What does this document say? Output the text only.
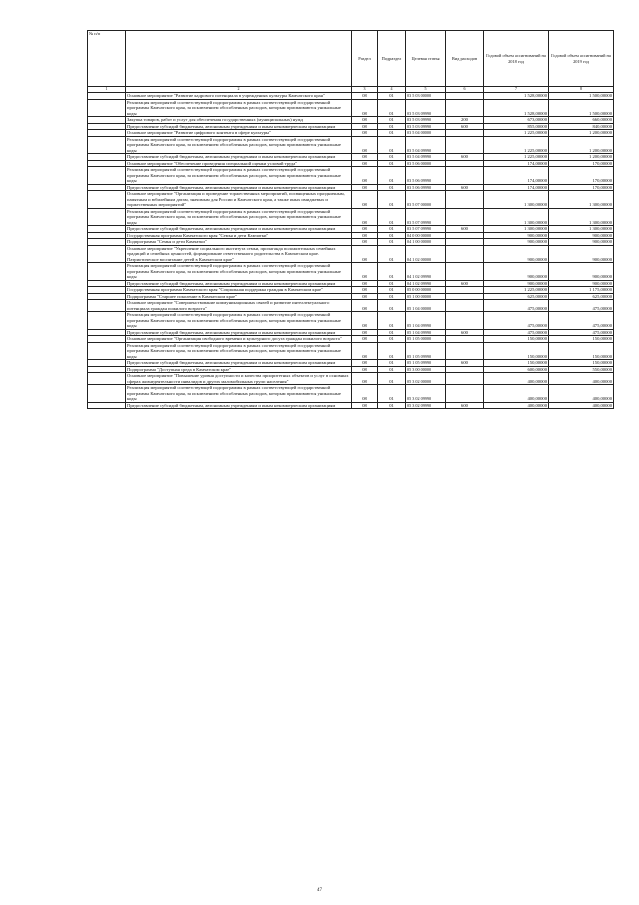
№ п/п		Раздел	Подраздел	Целевая статья	Вид расходов	Годовой объем ассигнований на 2018 год	Годовой объем ассигнований на 2019 год
1	2	3	4	5	6	7	8
	Основное мероприятие "Развитие кадрового потенциала в учреждениях культуры Камчатского края"	08	01	03 5 03 00000		1 528,00000	1 500,00000
	Реализация мероприятий соответствующей подпрограммы в рамках соответствующей государственной программы Камчатского края, за исключением обособленных расходов, которым присваиваются уникальные коды	08	01	03 5 03 09990		1 528,00000	1 500,00000
	Закупка товаров, работ и услуг для обеспечения государственных (муниципальных) нужд	08	01	03 5 03 09990	200	673,00000	660,00000
	Предоставление субсидий бюджетным, автономным учреждениям и иным некоммерческим организациям	08	01	03 5 03 09990	600	855,00000	840,00000
	Основное мероприятие "Развитие цифрового контента в сфере культуры"	08	01	03 5 04 00000		1 225,00000	1 200,00000
	Реализация мероприятий соответствующей подпрограммы в рамках соответствующей государственной программы Камчатского края, за исключением обособленных расходов, которым присваиваются уникальные коды	08	01	03 5 04 09990		1 225,00000	1 200,00000
	Предоставление субсидий бюджетным, автономным учреждениям и иным некоммерческим организациям	08	01	03 5 04 09990	600	1 225,00000	1 200,00000
	Основное мероприятие "Обеспечение проведения специальной оценки условий труда"	08	01	03 5 06 00000		174,00000	170,00000
	Реализация мероприятий соответствующей подпрограммы в рамках соответствующей государственной программы Камчатского края, за исключением обособленных расходов, которым присваиваются уникальные коды	08	01	03 5 06 09990		174,00000	170,00000
	Предоставление субсидий бюджетным, автономным учреждениям и иным некоммерческим организациям	08	01	03 5 06 09990	600	174,00000	170,00000
	Основное мероприятие "Организация и проведение торжественных мероприятий, посвященных праздничным, памятным и юбилейным датам, значимым для России и Камчатского края, а также иных имиджевых и торжественных мероприятий"	08	01	03 5 07 00000		1 300,00000	1 300,00000
	Реализация мероприятий соответствующей подпрограммы в рамках соответствующей государственной программы Камчатского края, за исключением обособленных расходов, которым присваиваются уникальные коды	08	01	03 5 07 09990		1 300,00000	1 300,00000
	Предоставление субсидий бюджетным, автономным учреждениям и иным некоммерческим организациям	08	01	03 5 07 09990	600	1 300,00000	1 300,00000
	Государственная программа Камчатского края "Семья и дети Камчатки"	08	01	04 0 00 00000		900,00000	900,00000
	Подпрограмма "Семья и дети Камчатки"	08	01	04 1 00 00000		900,00000	900,00000
	Основное мероприятие "Укрепление социального института семьи, пропаганда положительных семейных традиций и семейных ценностей, формирование ответственного родительства в Камчатском крае. Патриотическое воспитание детей в Камчатском крае"	08	01	04 1 02 00000		900,00000	900,00000
	Реализация мероприятий соответствующей подпрограммы в рамках соответствующей государственной программы Камчатского края, за исключением обособленных расходов, которым присваиваются уникальные коды	08	01	04 1 02 09990		900,00000	900,00000
	Предоставление субсидий бюджетным, автономным учреждениям и иным некоммерческим организациям	08	01	04 1 02 09990	600	900,00000	900,00000
	Государственная программа Камчатского края "Социальная поддержка граждан в Камчатском крае"	08	01	05 0 00 00000		1 225,00000	1 175,00000
	Подпрограмма "Старшее поколение в Камчатском крае"	08	01	05 1 00 00000		625,00000	625,00000
	Основное мероприятие "Совершенствование коммуникационных связей и развитие интеллектуального потенциала граждан пожилого возраста"	08	01	05 1 04 00000		475,00000	475,00000
	Реализация мероприятий соответствующей подпрограммы в рамках соответствующей государственной программы Камчатского края, за исключением обособленных расходов, которым присваиваются уникальные коды	08	01	05 1 04 09990		475,00000	475,00000
	Предоставление субсидий бюджетным, автономным учреждениям и иным некоммерческим организациям	08	01	05 1 04 09990	600	475,00000	475,00000
	Основное мероприятие "Организация свободного времени и культурного досуга граждан пожилого возраста"	08	01	05 1 05 00000		150,00000	150,00000
	Реализация мероприятий соответствующей подпрограммы в рамках соответствующей государственной программы Камчатского края, за исключением обособленных расходов, которым присваиваются уникальные коды	08	01	05 1 05 09990		150,00000	150,00000
	Предоставление субсидий бюджетным, автономным учреждениям и иным некоммерческим организациям	08	01	05 1 05 09990	600	150,00000	150,00000
	Подпрограмма "Доступная среда в Камчатском крае"	08	01	05 3 00 00000		600,00000	550,00000
	Основное мероприятие "Повышение уровня доступности и качества приоритетных объектов и услуг в основных сферах жизнедеятельности инвалидов и других маломобильных групп населения"	08	01	05 3 02 00000		400,00000	400,00000
	Реализация мероприятий соответствующей подпрограммы в рамках соответствующей государственной программы Камчатского края, за исключением обособленных расходов, которым присваиваются уникальные коды	08	01	05 3 02 09990		400,00000	400,00000
	Предоставление субсидий бюджетным, автономным учреждениям и иным некоммерческим организациям	08	01	05 3 02 09990	600	400,00000	400,00000
47
